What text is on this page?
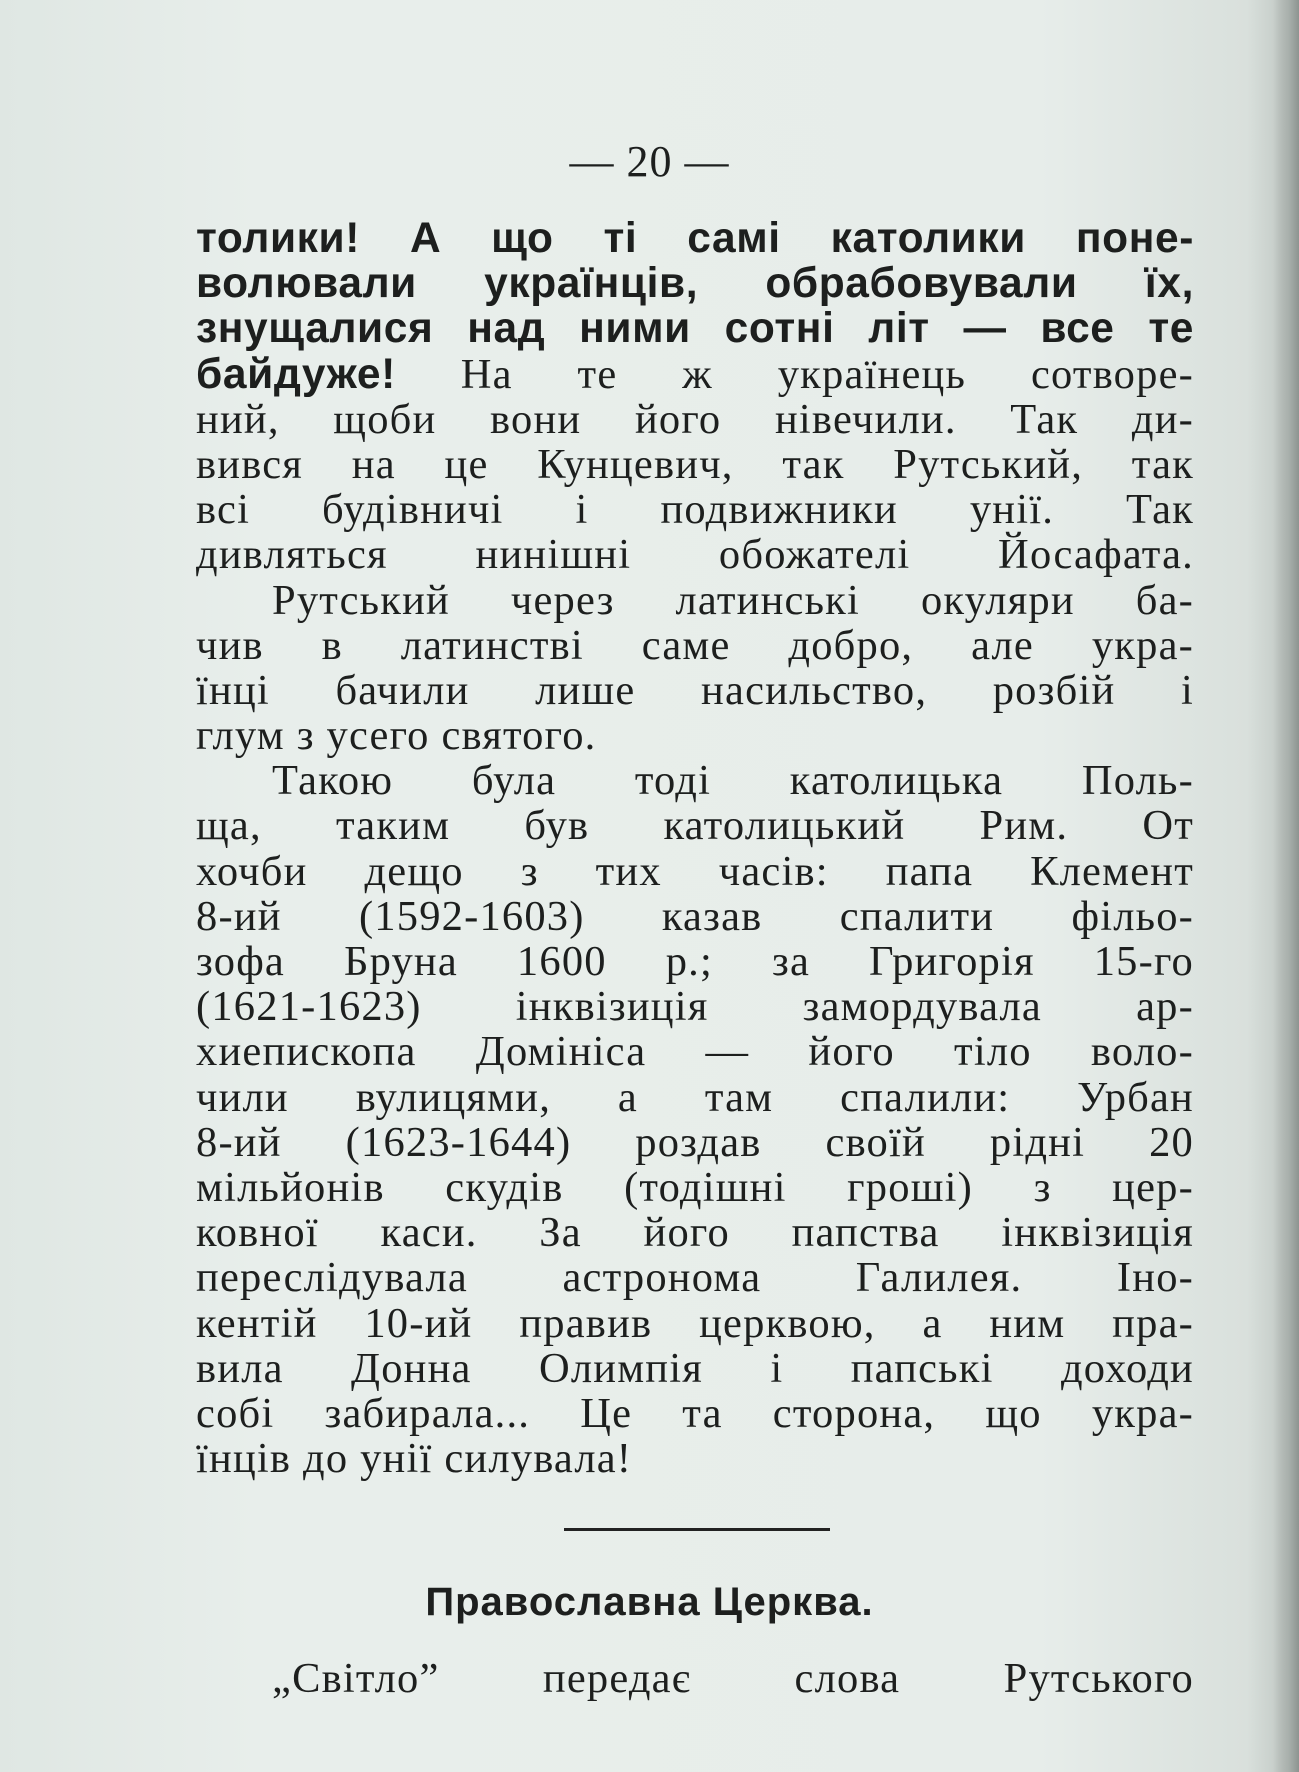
— 20 —
толики! А що ті самі католики поне-
волювали українців, обрабовували їх,
знущалися над ними сотні літ — все те
байдуже! На те ж українець сотворе-
ний, щоби вони його нівечили. Так ди-
вився на це Кунцевич, так Рутський, так
всі будівничі і подвижники унії. Так
дивляться нинішні обожателі Йосафата.
Рутський через латинські окуляри ба-
чив в латинстві саме добро, але укра-
їнці бачили лише насильство, розбій і
глум з усего святого.
Такою була тоді католицька Поль-
ща, таким був католицький Рим. От
хочби дещо з тих часів: папа Клемент
8-ий (1592-1603) казав спалити фільо-
зофа Бруна 1600 р.; за Григорія 15-го
(1621-1623) інквізиція замордувала ар-
хиепископа Домініса — його тіло воло-
чили вулицями, а там спалили: Урбан
8-ий (1623-1644) роздав своїй рідні 20
мільйонів скудів (тодішні гроші) з цер-
ковної каси. За його папства інквізиція
переслідувала астронома Галилея. Іно-
кентій 10-ий правив церквою, а ним пра-
вила Донна Олимпія і папські доходи
собі забирала... Це та сторона, що укра-
їнців до унії силувала!
Православна Церква.
„Світло” передає слова Рутського
